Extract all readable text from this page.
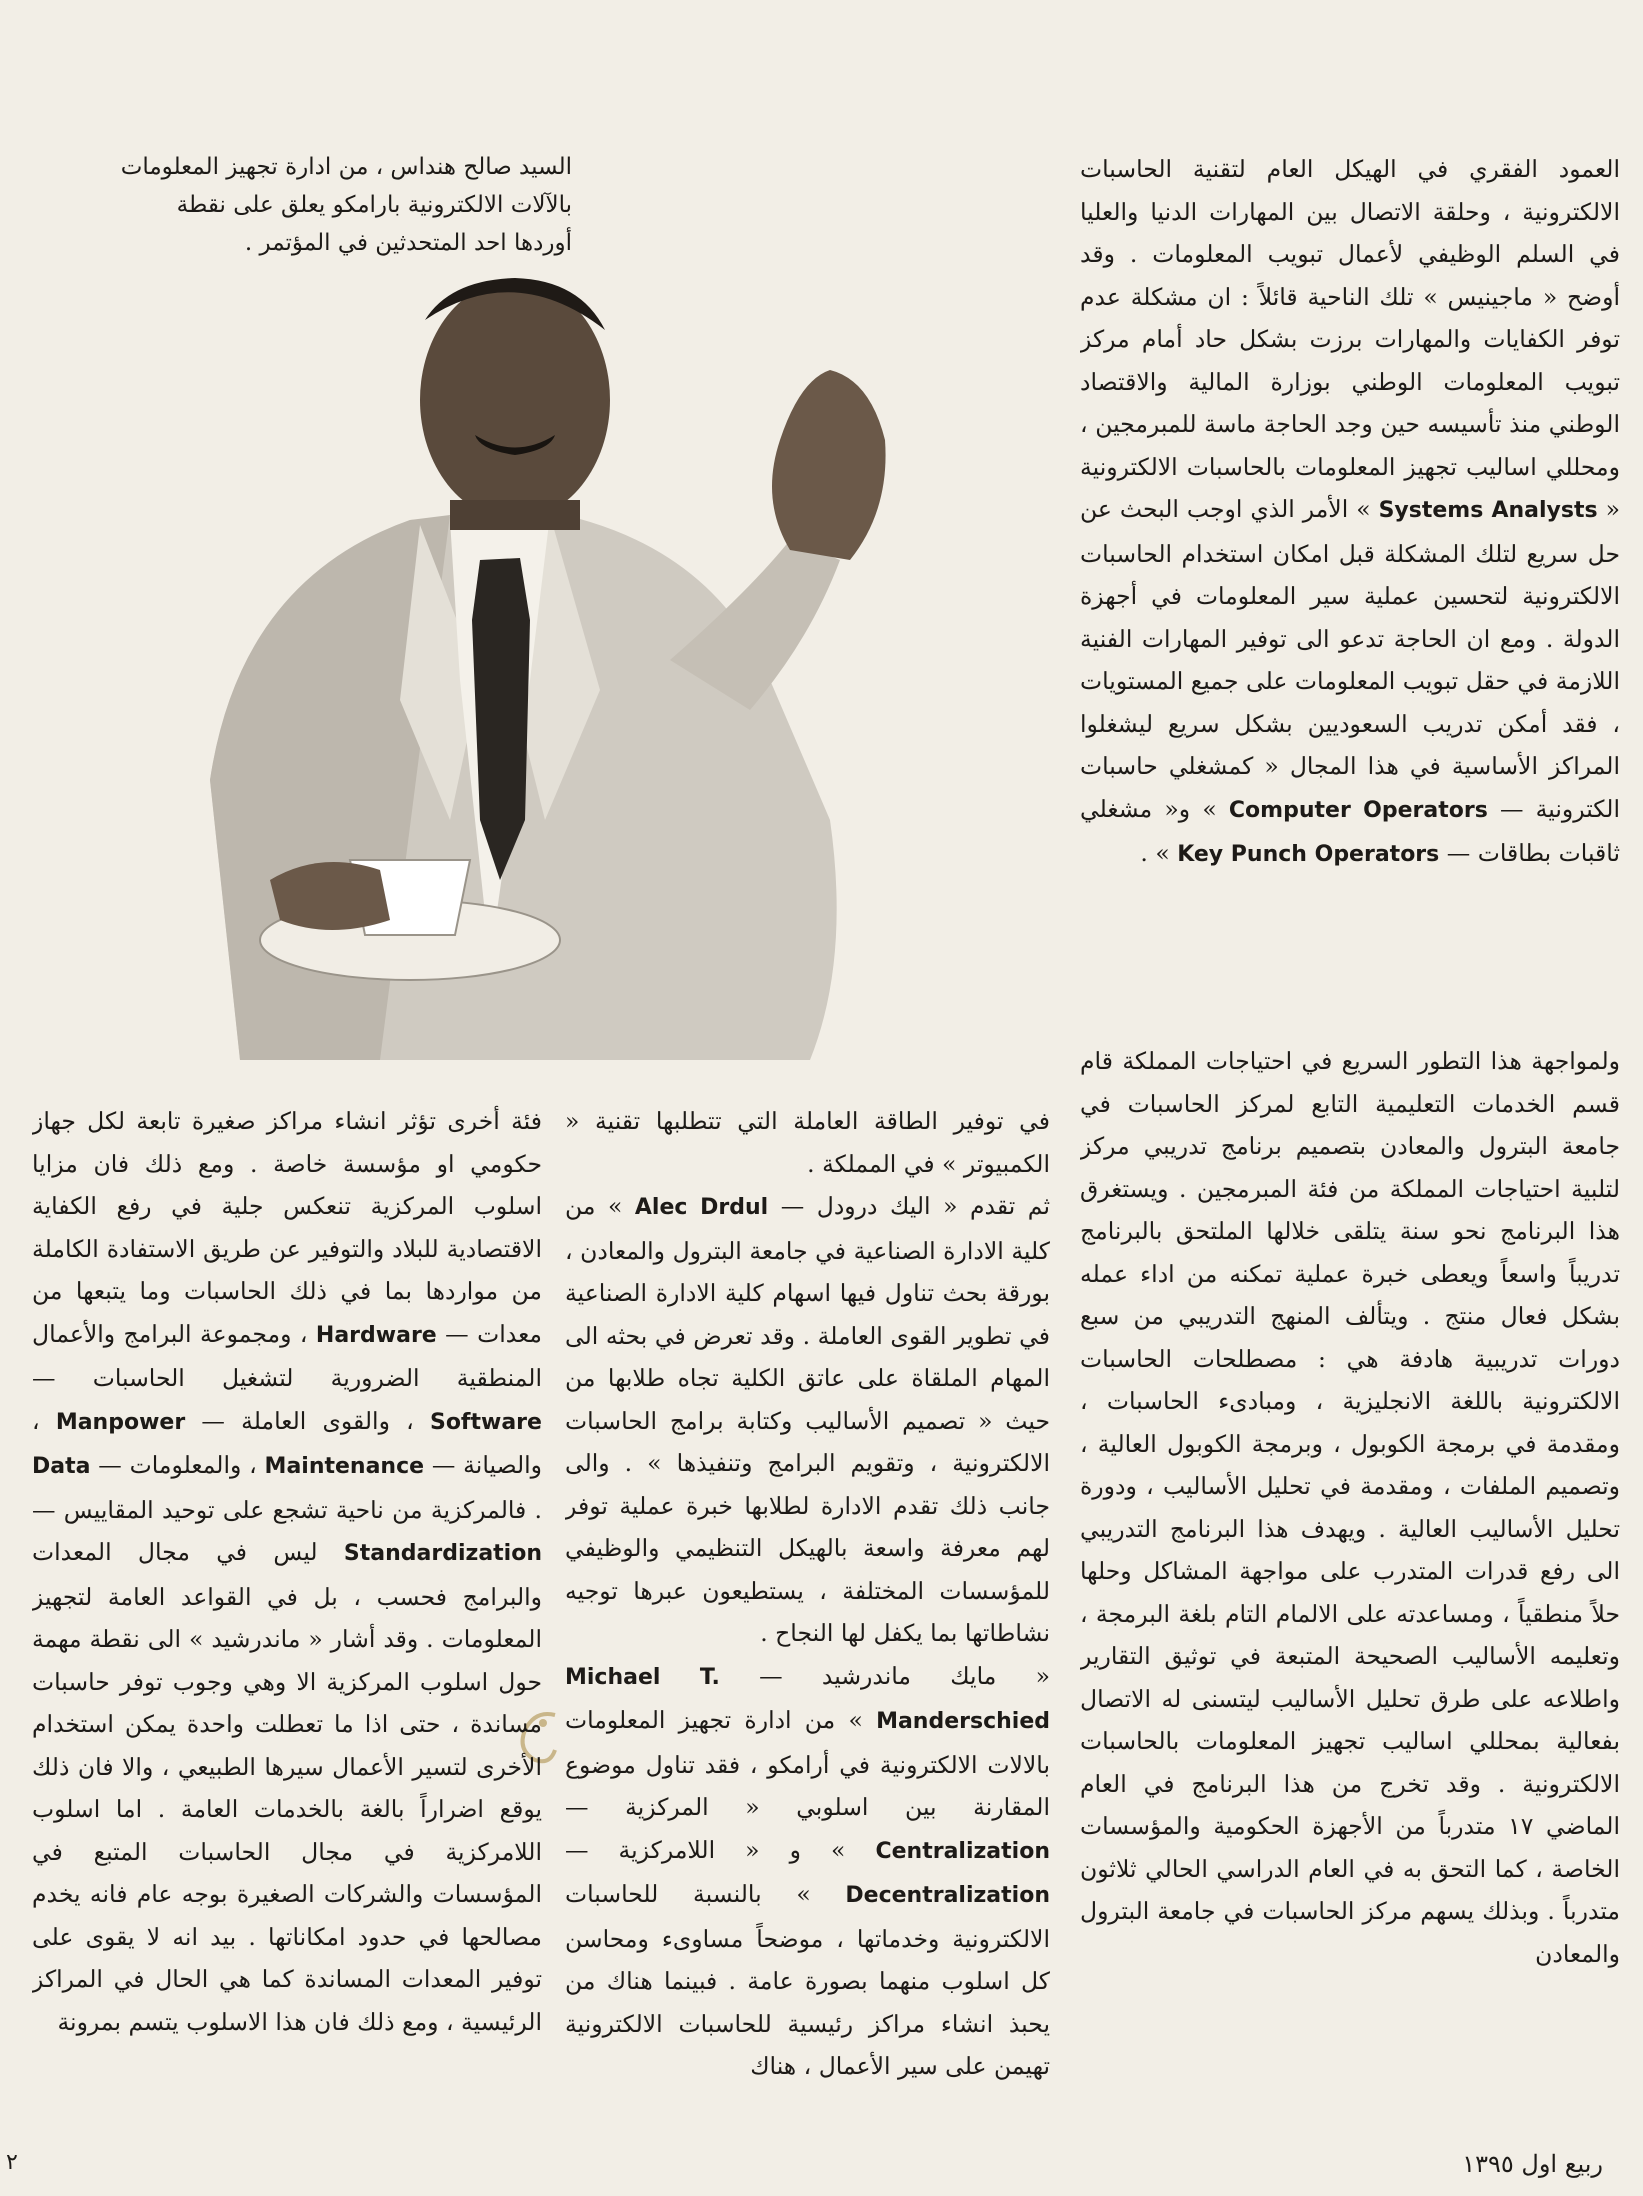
السيد صالح هنداس ، من ادارة تجهيز المعلومات
بالآلات الالكترونية بارامكو يعلق على نقطة
أوردها احد المتحدثين في المؤتمر .

العمود الفقري في الهيكل العام لتقنية الحاسبات الالكترونية ، وحلقة الاتصال بين المهارات الدنيا والعليا في السلم الوظيفي لأعمال تبويب المعلومات . وقد أوضح « ماجينيس » تلك الناحية قائلاً : ان مشكلة عدم توفر الكفايات والمهارات برزت بشكل حاد أمام مركز تبويب المعلومات الوطني بوزارة المالية والاقتصاد الوطني منذ تأسيسه حين وجد الحاجة ماسة للمبرمجين ، ومحللي اساليب تجهيز المعلومات بالحاسبات الالكترونية « Systems Analysts » الأمر الذي اوجب البحث عن حل سريع لتلك المشكلة قبل امكان استخدام الحاسبات الالكترونية لتحسين عملية سير المعلومات في أجهزة الدولة . ومع ان الحاجة تدعو الى توفير المهارات الفنية اللازمة في حقل تبويب المعلومات على جميع المستويات ، فقد أمكن تدريب السعوديين بشكل سريع ليشغلوا المراكز الأساسية في هذا المجال « كمشغلي حاسبات الكترونية — Computer Operators » و« مشغلي ثاقبات بطاقات — Key Punch Operators » .

ولمواجهة هذا التطور السريع في احتياجات المملكة قام قسم الخدمات التعليمية التابع لمركز الحاسبات في جامعة البترول والمعادن بتصميم برنامج تدريبي مركز لتلبية احتياجات المملكة من فئة المبرمجين . ويستغرق هذا البرنامج نحو سنة يتلقى خلالها الملتحق بالبرنامج تدريباً واسعاً ويعطى خبرة عملية تمكنه من اداء عمله بشكل فعال منتج . ويتألف المنهج التدريبي من سبع دورات تدريبية هادفة هي : مصطلحات الحاسبات الالكترونية باللغة الانجليزية ، ومبادىء الحاسبات ، ومقدمة في برمجة الكوبول ، وبرمجة الكوبول العالية ، وتصميم الملفات ، ومقدمة في تحليل الأساليب ، ودورة تحليل الأساليب العالية . ويهدف هذا البرنامج التدريبي الى رفع قدرات المتدرب على مواجهة المشاكل وحلها حلاً منطقياً ، ومساعدته على الالمام التام بلغة البرمجة ، وتعليمه الأساليب الصحيحة المتبعة في توثيق التقارير واطلاعه على طرق تحليل الأساليب ليتسنى له الاتصال بفعالية بمحللي اساليب تجهيز المعلومات بالحاسبات الالكترونية . وقد تخرج من هذا البرنامج في العام الماضي ١٧ متدرباً من الأجهزة الحكومية والمؤسسات الخاصة ، كما التحق به في العام الدراسي الحالي ثلاثون متدرباً . وبذلك يسهم مركز الحاسبات في جامعة البترول والمعادن

في توفير الطاقة العاملة التي تتطلبها تقنية « الكمبيوتر » في المملكة .

ثم تقدم « اليك درودل — Alec Drdul » من كلية الادارة الصناعية في جامعة البترول والمعادن ، بورقة بحث تناول فيها اسهام كلية الادارة الصناعية في تطوير القوى العاملة . وقد تعرض في بحثه الى المهام الملقاة على عاتق الكلية تجاه طلابها من حيث « تصميم الأساليب وكتابة برامج الحاسبات الالكترونية ، وتقويم البرامج وتنفيذها » . والى جانب ذلك تقدم الادارة لطلابها خبرة عملية توفر لهم معرفة واسعة بالهيكل التنظيمي والوظيفي للمؤسسات المختلفة ، يستطيعون عبرها توجيه نشاطاتها بما يكفل لها النجاح .

« مايك ماندرشيد — Michael T. Manderschied » من ادارة تجهيز المعلومات بالالات الالكترونية في أرامكو ، فقد تناول موضوع المقارنة بين اسلوبي « المركزية — Centralization » و « اللامركزية — Decentralization » بالنسبة للحاسبات الالكترونية وخدماتها ، موضحاً مساوىء ومحاسن كل اسلوب منهما بصورة عامة . فبينما هناك من يحبذ انشاء مراكز رئيسية للحاسبات الالكترونية تهيمن على سير الأعمال ، هناك

فئة أخرى تؤثر انشاء مراكز صغيرة تابعة لكل جهاز حكومي او مؤسسة خاصة . ومع ذلك فان مزايا اسلوب المركزية تنعكس جلية في رفع الكفاية الاقتصادية للبلاد والتوفير عن طريق الاستفادة الكاملة من مواردها بما في ذلك الحاسبات وما يتبعها من معدات — Hardware ، ومجموعة البرامج والأعمال المنطقية الضرورية لتشغيل الحاسبات — Software ، والقوى العاملة — Manpower ، والصيانة — Maintenance ، والمعلومات — Data . فالمركزية من ناحية تشجع على توحيد المقاييس — Standardization ليس في مجال المعدات والبرامج فحسب ، بل في القواعد العامة لتجهيز المعلومات . وقد أشار « ماندرشيد » الى نقطة مهمة حول اسلوب المركزية الا وهي وجوب توفر حاسبات مساندة ، حتى اذا ما تعطلت واحدة يمكن استخدام الأخرى لتسير الأعمال سيرها الطبيعي ، والا فان ذلك يوقع اضراراً بالغة بالخدمات العامة . اما اسلوب اللامركزية في مجال الحاسبات المتبع في المؤسسات والشركات الصغيرة بوجه عام فانه يخدم مصالحها في حدود امكاناتها . بيد انه لا يقوى على توفير المعدات المساندة كما هي الحال في المراكز الرئيسية ، ومع ذلك فان هذا الاسلوب يتسم بمرونة

٢	ربيع اول ١٣٩٥
